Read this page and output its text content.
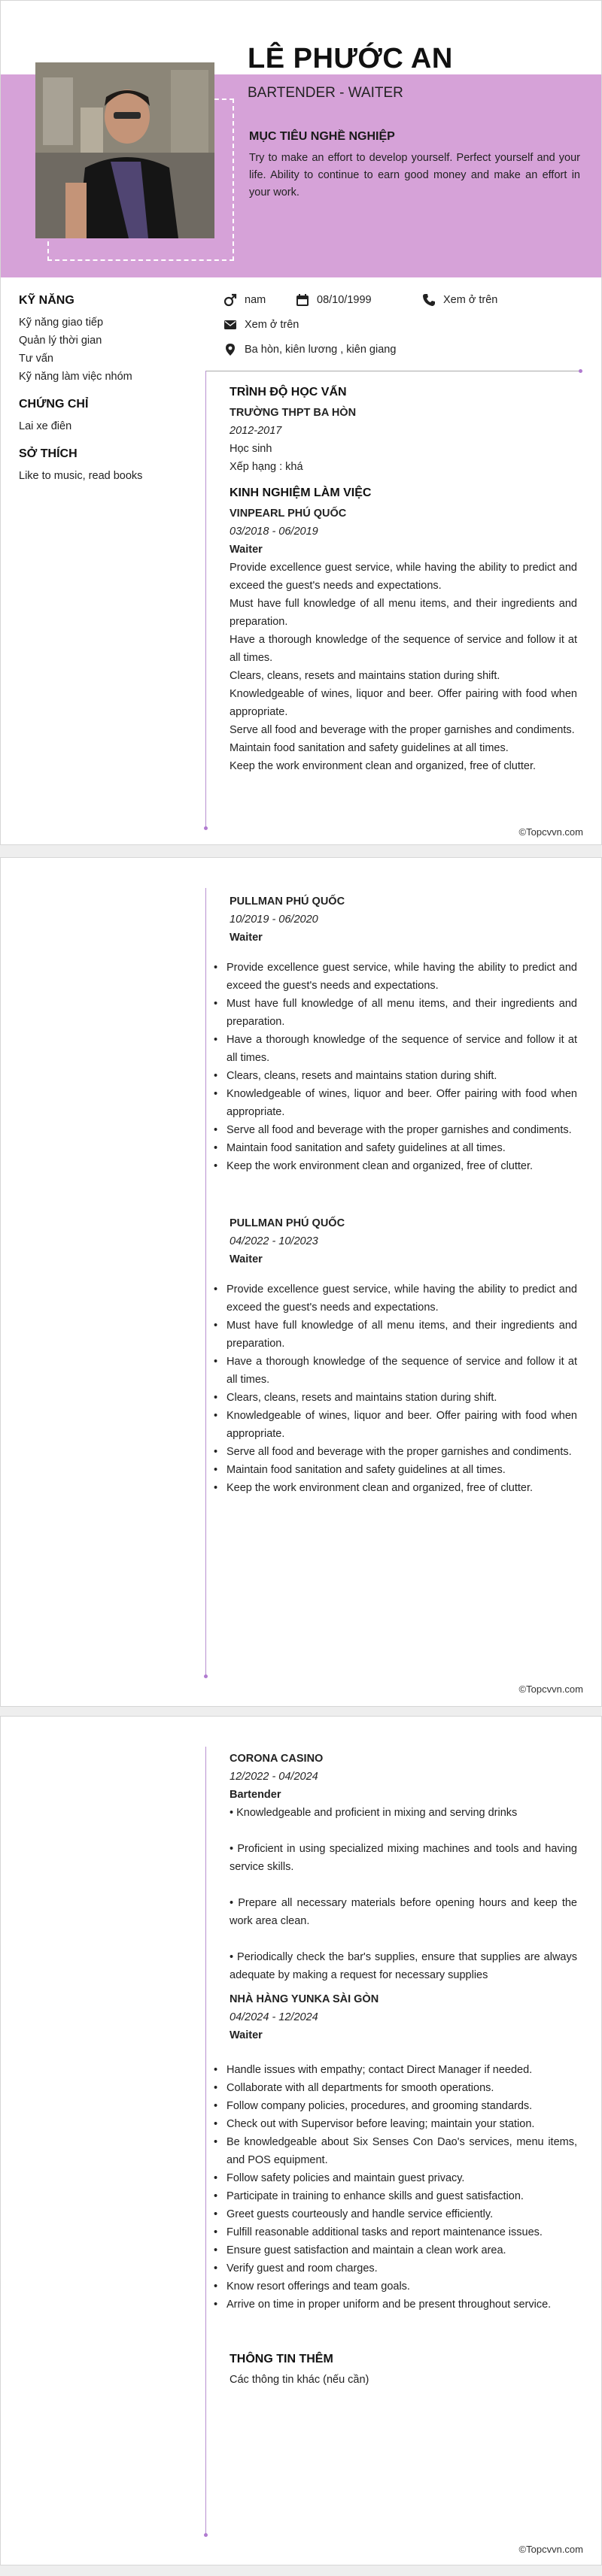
LÊ PHƯỚC AN
BARTENDER - WAITER
MỤC TIÊU NGHỀ NGHIỆP
Try to make an effort to develop yourself. Perfect yourself and your life. Ability to continue to earn good money and make an effort in your work.
nam	08/10/1999	Xem ở trên
Xem ở trên
Ba hòn, kiên lương , kiên giang
KỸ NĂNG
Kỹ năng giao tiếp
Quản lý thời gian
Tư vấn
Kỹ năng làm việc nhóm
CHỨNG CHỈ
Lai xe điên
SỞ THÍCH
Like to music, read books
TRÌNH ĐỘ HỌC VẤN
TRƯỜNG THPT BA HÒN
2012-2017
Học sinh
Xếp hạng : khá
KINH NGHIỆM LÀM VIỆC
VINPEARL PHÚ QUỐC
03/2018 - 06/2019
Waiter
Provide excellence guest service, while having the ability to predict and exceed the guest's needs and expectations.
Must have full knowledge of all menu items, and their ingredients and preparation.
Have a thorough knowledge of the sequence of service and follow it at all times.
Clears, cleans, resets and maintains station during shift.
Knowledgeable of wines, liquor and beer. Offer pairing with food when appropriate.
Serve all food and beverage with the proper garnishes and condiments.
Maintain food sanitation and safety guidelines at all times.
Keep the work environment clean and organized, free of clutter.
©Topcvvn.com
PULLMAN PHÚ QUỐC
10/2019 - 06/2020
Waiter
• Provide excellence guest service, while having the ability to predict and exceed the guest's needs and expectations.
• Must have full knowledge of all menu items, and their ingredients and preparation.
• Have a thorough knowledge of the sequence of service and follow it at all times.
• Clears, cleans, resets and maintains station during shift.
• Knowledgeable of wines, liquor and beer. Offer pairing with food when appropriate.
• Serve all food and beverage with the proper garnishes and condiments.
• Maintain food sanitation and safety guidelines at all times.
• Keep the work environment clean and organized, free of clutter.
PULLMAN PHÚ QUỐC
04/2022 - 10/2023
Waiter
• Provide excellence guest service, while having the ability to predict and exceed the guest's needs and expectations.
• Must have full knowledge of all menu items, and their ingredients and preparation.
• Have a thorough knowledge of the sequence of service and follow it at all times.
• Clears, cleans, resets and maintains station during shift.
• Knowledgeable of wines, liquor and beer. Offer pairing with food when appropriate.
• Serve all food and beverage with the proper garnishes and condiments.
• Maintain food sanitation and safety guidelines at all times.
• Keep the work environment clean and organized, free of clutter.
©Topcvvn.com
CORONA CASINO
12/2022 - 04/2024
Bartender
• Knowledgeable and proficient in mixing and serving drinks
• Proficient in using specialized mixing machines and tools and having service skills.
• Prepare all necessary materials before opening hours and keep the work area clean.
• Periodically check the bar's supplies, ensure that supplies are always adequate by making a request for necessary supplies
NHÀ HÀNG YUNKA SÀI GÒN
04/2024 - 12/2024
Waiter
• Handle issues with empathy; contact Direct Manager if needed.
• Collaborate with all departments for smooth operations.
• Follow company policies, procedures, and grooming standards.
• Check out with Supervisor before leaving; maintain your station.
• Be knowledgeable about Six Senses Con Dao's services, menu items, and POS equipment.
• Follow safety policies and maintain guest privacy.
• Participate in training to enhance skills and guest satisfaction.
• Greet guests courteously and handle service efficiently.
• Fulfill reasonable additional tasks and report maintenance issues.
• Ensure guest satisfaction and maintain a clean work area.
• Verify guest and room charges.
• Know resort offerings and team goals.
• Arrive on time in proper uniform and be present throughout service.
THÔNG TIN THÊM
Các thông tin khác (nếu cần)
©Topcvvn.com
